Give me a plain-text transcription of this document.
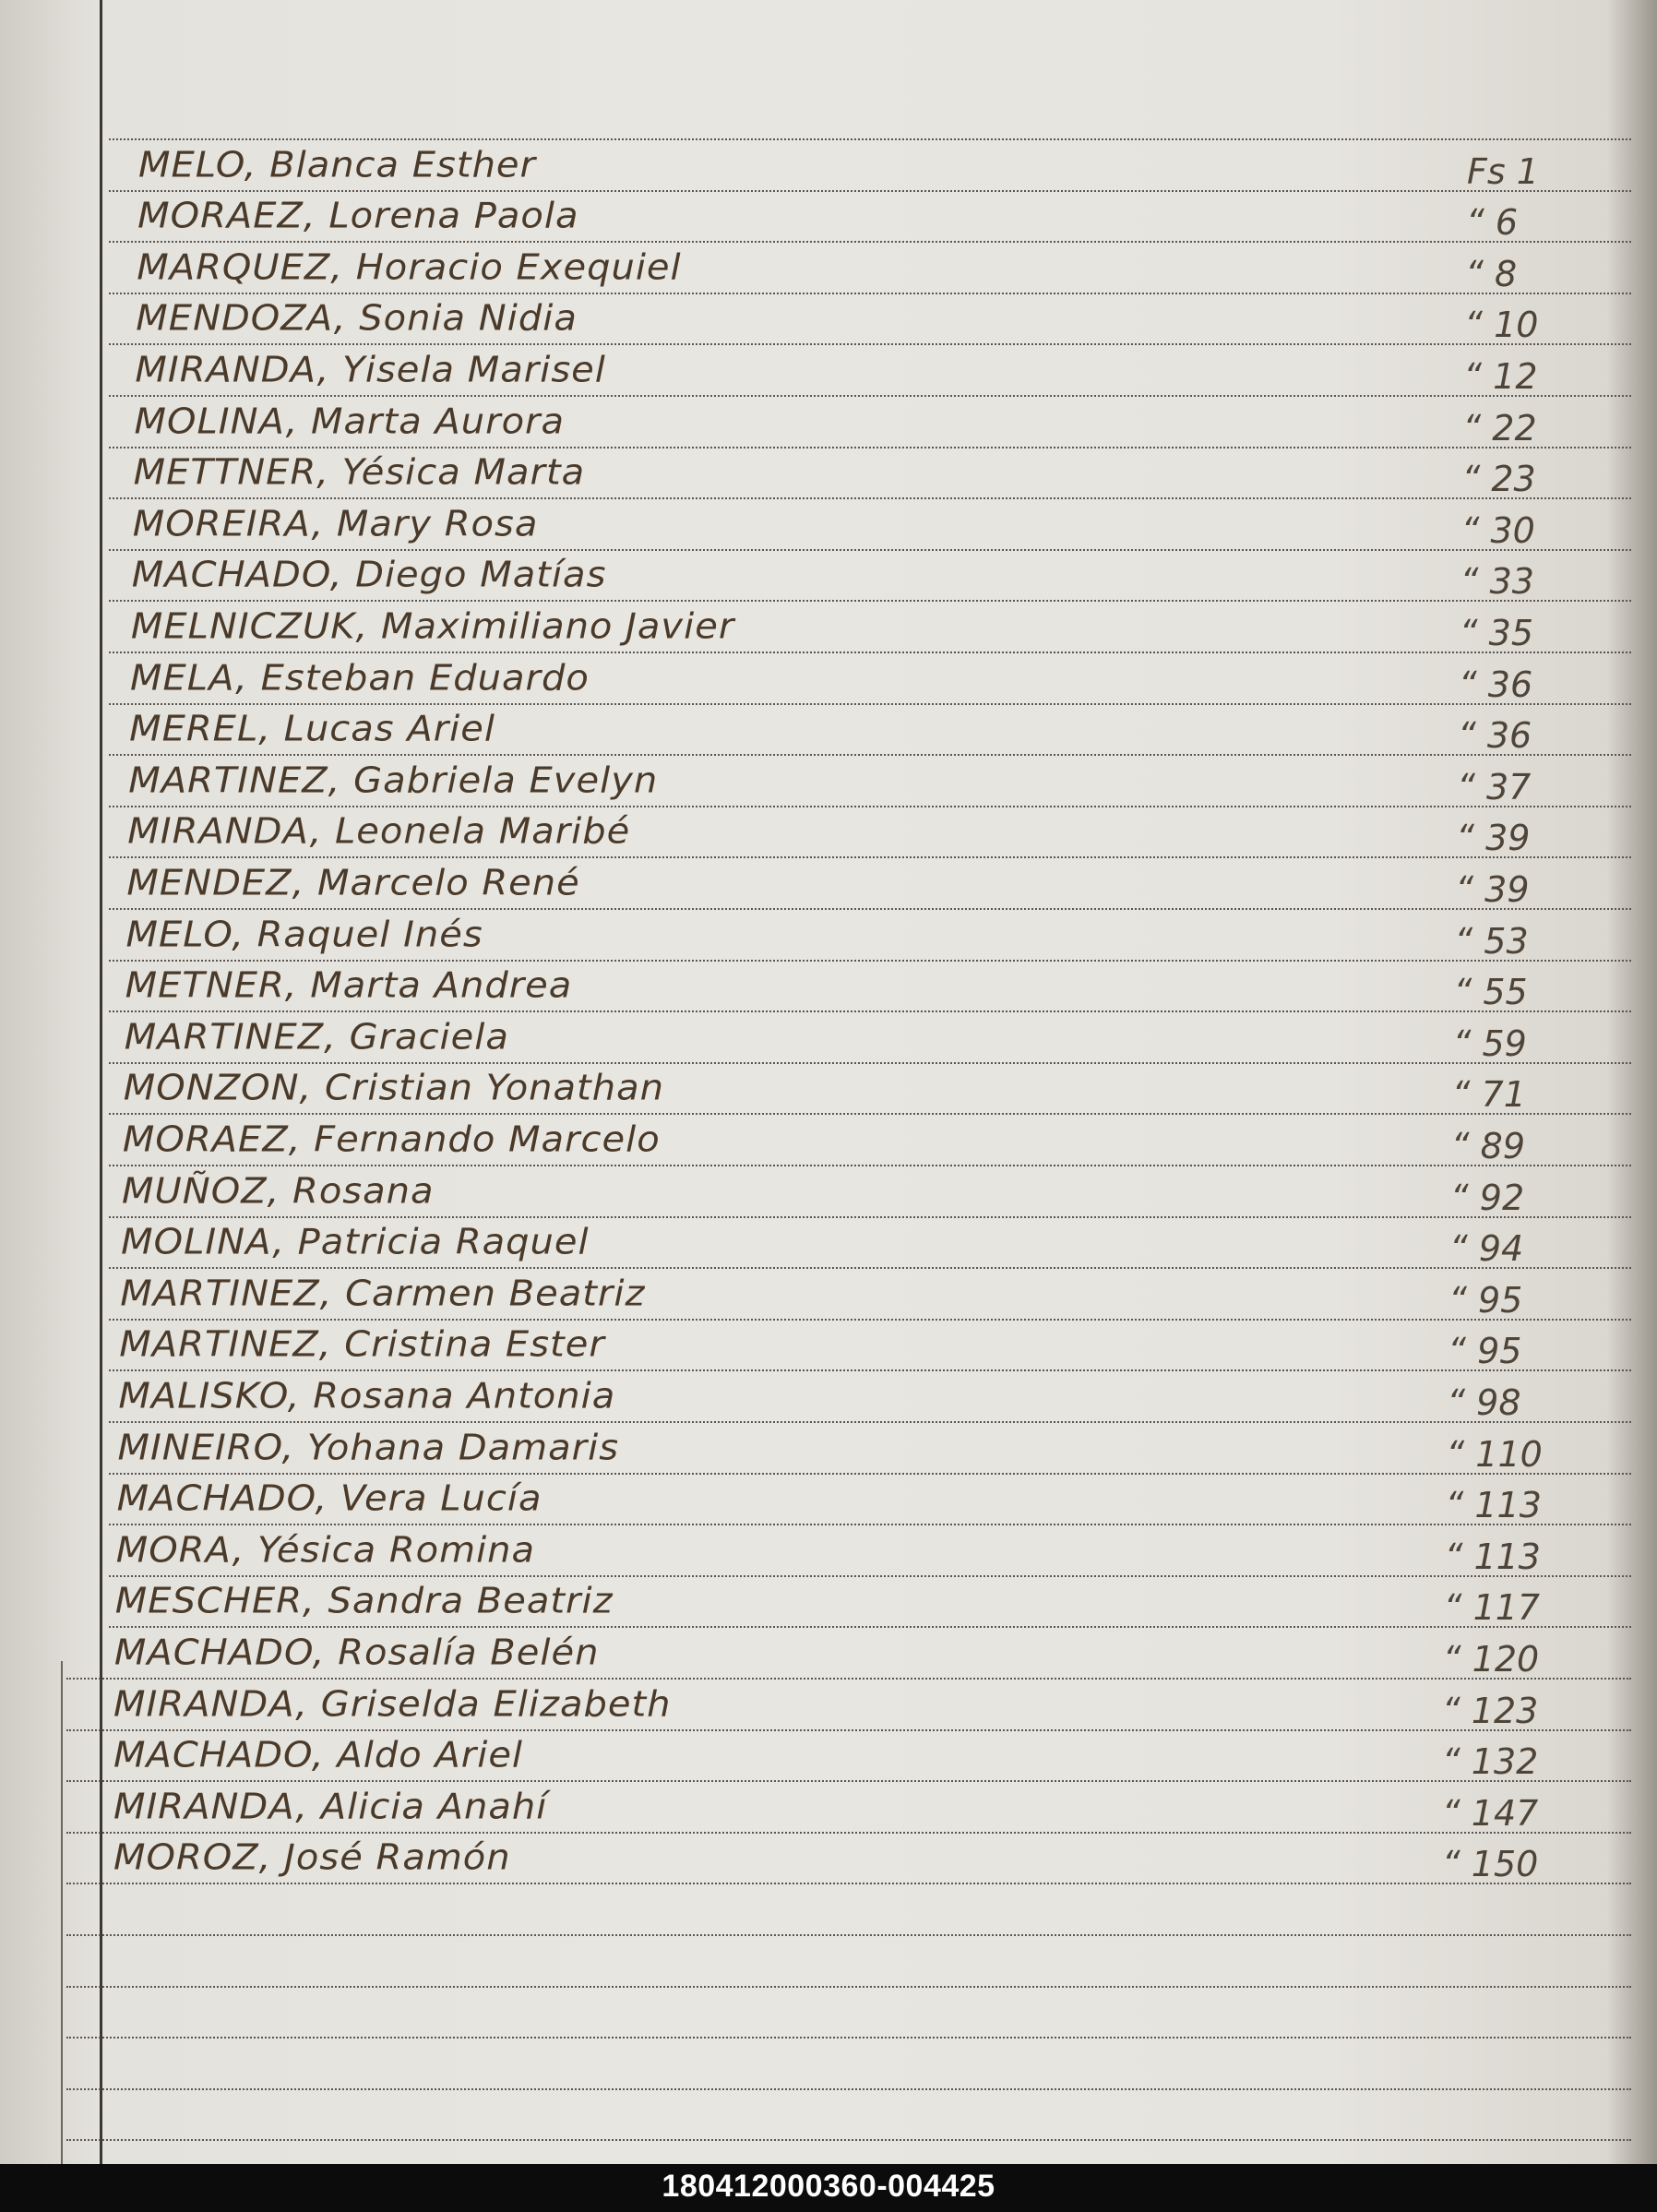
MELO, Blanca Esther	Fs 1
MORAEZ, Lorena Paola	“ 6
MARQUEZ, Horacio Exequiel	“ 8
MENDOZA, Sonia Nidia	“ 10
MIRANDA, Yisela Marisel	“ 12
MOLINA, Marta Aurora	“ 22
METTNER, Yésica Marta	“ 23
MOREIRA, Mary Rosa	“ 30
MACHADO, Diego Matías	“ 33
MELNICZUK, Maximiliano Javier	“ 35
MELA, Esteban Eduardo	“ 36
MEREL, Lucas Ariel	“ 36
MARTINEZ, Gabriela Evelyn	“ 37
MIRANDA, Leonela Maribé	“ 39
MENDEZ, Marcelo René	“ 39
MELO, Raquel Inés	“ 53
METNER, Marta Andrea	“ 55
MARTINEZ, Graciela	“ 59
MONZON, Cristian Yonathan	“ 71
MORAEZ, Fernando Marcelo	“ 89
MUÑOZ, Rosana	“ 92
MOLINA, Patricia Raquel	“ 94
MARTINEZ, Carmen Beatriz	“ 95
MARTINEZ, Cristina Ester	“ 95
MALISKO, Rosana Antonia	“ 98
MINEIRO, Yohana Damaris	“ 110
MACHADO, Vera Lucía	“ 113
MORA, Yésica Romina	“ 113
MESCHER, Sandra Beatriz	“ 117
MACHADO, Rosalía Belén	“ 120
MIRANDA, Griselda Elizabeth	“ 123
MACHADO, Aldo Ariel	“ 132
MIRANDA, Alicia Anahí	“ 147
MOROZ, José Ramón	“ 150
180412000360-004425
